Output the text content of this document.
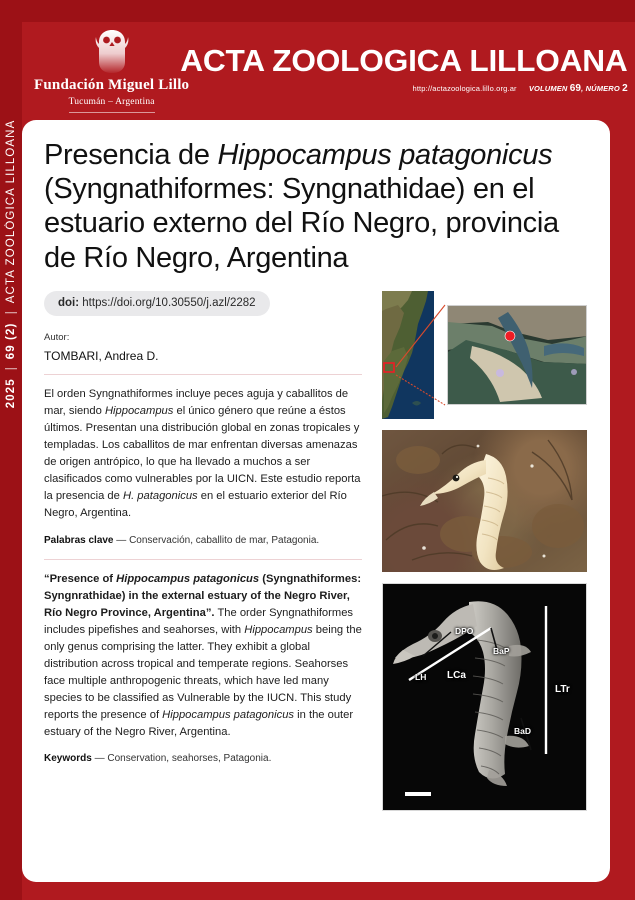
Fundación Miguel Lillo
Tucumán – Argentina
ACTA ZOOLOGICA LILLOANA
http://actazoologica.lillo.org.ar VOLUMEN 69, NÚMERO 2
2025
69 (2)
ACTA ZOOLÓGICA LILLOANA Presencia de Hippocampus patagonicus (Syngnathiformes: Syngnathidae) en el estuario externo del Río Negro, provincia de Río Negro, Argentina
doi: https://doi.org/10.30550/j.azl/2282
Autor:
TOMBARI, Andrea D.

El orden Syngnathiformes incluye peces aguja y caballitos de mar, siendo Hippocampus el único género que reúne a éstos últimos. Presentan una distribución global en zonas tropicales y templadas. Los caballitos de mar enfrentan diversas amenazas de origen antrópico, lo que ha llevado a muchos a ser clasificados como vulnerables por la UICN. Este estudio reporta la presencia de H. patagonicus en el estuario exterior del Río Negro, Argentina.

Palabras clave — Conservación, caballito de mar, Patagonia.

“Presence of Hippocampus patagonicus (Syngnathiformes: Syngnrathidae) in the external estuary of the Negro River, Río Negro Province, Argentina”. The order Syngnathiformes includes pipefishes and seahorses, with Hippocampus being the only genus comprising the latter. They exhibit a global distribution across tropical and temperate regions. Seahorses face multiple anthropogenic threats, which have led many species to be classified as Vulnerable by the IUCN. This study reports the presence of Hippocampus patagonicus in the outer estuary of the Negro River, Argentina.

Keywords — Conservation, seahorses, Patagonia.

DPO
BaP
LH LCa
LTr
BaD
